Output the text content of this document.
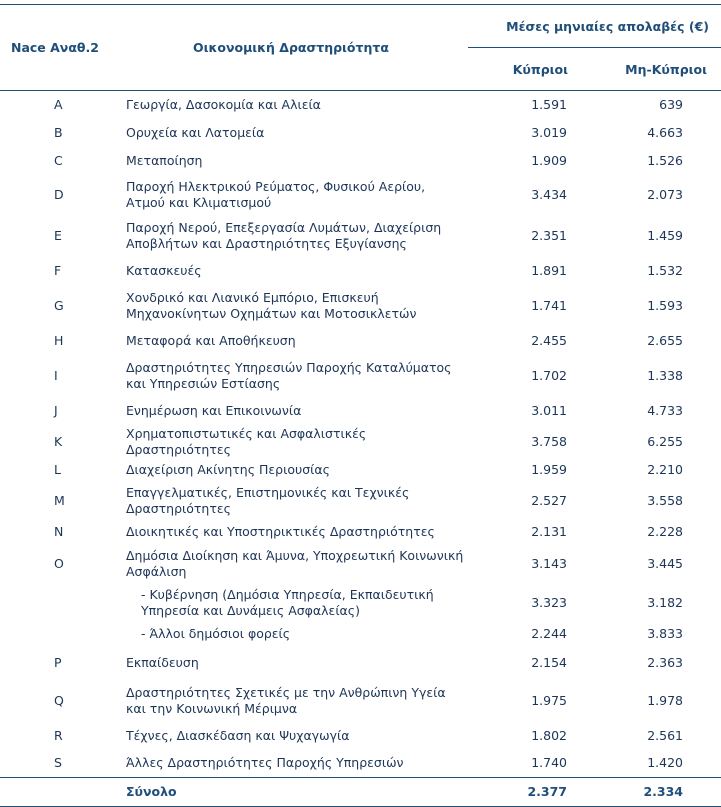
Nace Αναθ.2	Οικονομική Δραστηριότητα	Μέσες μηνιαίες απολαβές (€)	
		Κύπριοι	Μη-Κύπριοι
A	Γεωργία, Δασοκομία και Αλιεία	1.591	639
B	Ορυχεία και Λατομεία	3.019	4.663
C	Μεταποίηση	1.909	1.526
D	Παροχή Ηλεκτρικού Ρεύματος, Φυσικού Αερίου, Ατμού και Κλιματισμού	3.434	2.073
E	Παροχή Νερού, Επεξεργασία Λυμάτων, Διαχείριση Αποβλήτων και Δραστηριότητες Εξυγίανσης	2.351	1.459
F	Κατασκευές	1.891	1.532
G	Χονδρικό και Λιανικό Εμπόριο, Επισκευή Μηχανοκίνητων Οχημάτων και Μοτοσικλετών	1.741	1.593
H	Μεταφορά και Αποθήκευση	2.455	2.655
I	Δραστηριότητες Υπηρεσιών Παροχής Καταλύματος και Υπηρεσιών Εστίασης	1.702	1.338
J	Ενημέρωση και Επικοινωνία	3.011	4.733
K	Χρηματοπιστωτικές και Ασφαλιστικές Δραστηριότητες	3.758	6.255
L	Διαχείριση Ακίνητης Περιουσίας	1.959	2.210
M	Επαγγελματικές, Επιστημονικές και Τεχνικές Δραστηριότητες	2.527	3.558
N	Διοικητικές και Υποστηρικτικές Δραστηριότητες	2.131	2.228
O	Δημόσια Διοίκηση και Άμυνα, Υποχρεωτική Κοινωνική Ασφάλιση	3.143	3.445
	- Κυβέρνηση (Δημόσια Υπηρεσία, Εκπαιδευτική Υπηρεσία και Δυνάμεις Ασφαλείας)	3.323	3.182
	- Άλλοι δημόσιοι φορείς	2.244	3.833
P	Εκπαίδευση	2.154	2.363
Q	Δραστηριότητες Σχετικές με την Ανθρώπινη Υγεία και την Κοινωνική Μέριμνα	1.975	1.978
R	Τέχνες, Διασκέδαση και Ψυχαγωγία	1.802	2.561
S	Άλλες Δραστηριότητες Παροχής Υπηρεσιών	1.740	1.420
	Σύνολο	2.377	2.334
